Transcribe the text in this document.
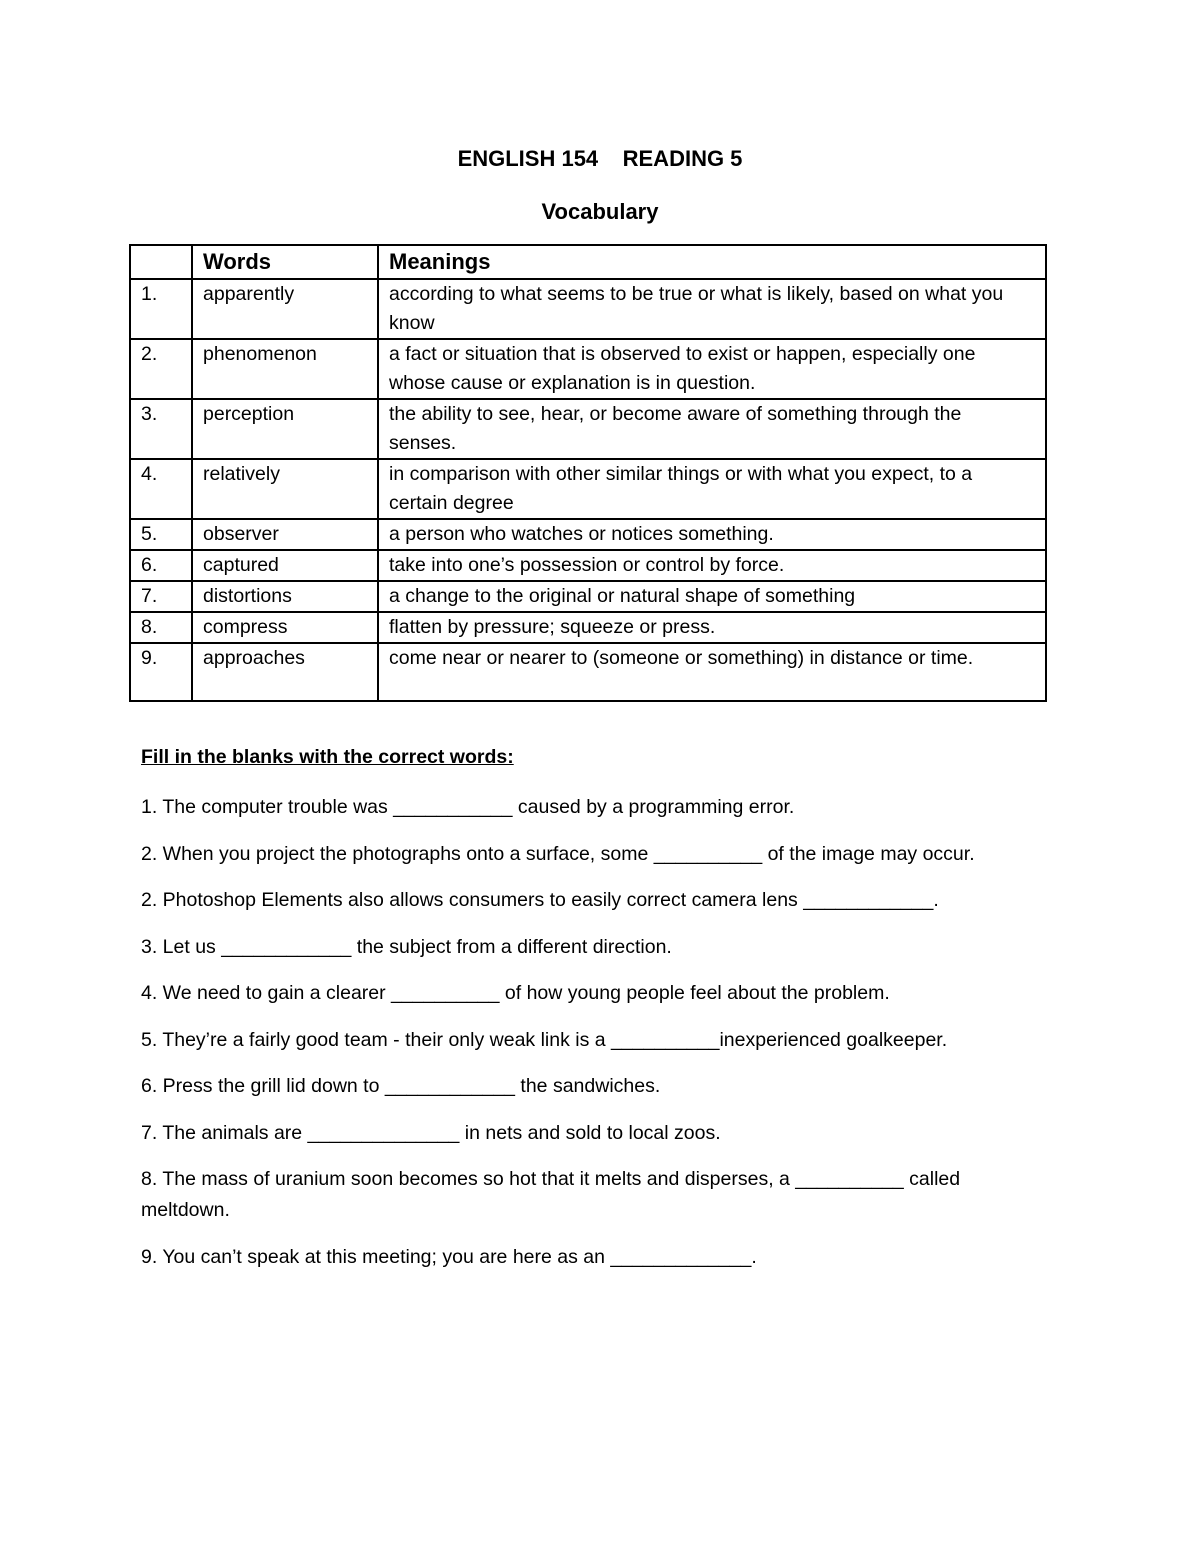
ENGLISH 154    READING 5
Vocabulary
	Words	Meanings
1.	apparently	according to what seems to be true or what is likely, based on what you know
2.	phenomenon	a fact or situation that is observed to exist or happen, especially one whose cause or explanation is in question.
3.	perception	the ability to see, hear, or become aware of something through the senses.
4.	relatively	in comparison with other similar things or with what you expect, to a certain degree
5.	observer	a person who watches or notices something.
6.	captured	take into one’s possession or control by force.
7.	distortions	a change to the original or natural shape of something
8.	compress	flatten by pressure; squeeze or press.
9.	approaches	come near or nearer to (someone or something) in distance or time.
Fill in the blanks with the correct words:

1. The computer trouble was ___________ caused by a programming error.

2. When you project the photographs onto a surface, some __________ of the image may occur.

2. Photoshop Elements also allows consumers to easily correct camera lens ____________.

3. Let us ____________ the subject from a different direction.

4. We need to gain a clearer __________ of how young people feel about the problem.

5. They’re a fairly good team - their only weak link is a __________inexperienced goalkeeper.

6. Press the grill lid down to ____________ the sandwiches.

7. The animals are ______________ in nets and sold to local zoos.

8. The mass of uranium soon becomes so hot that it melts and disperses, a __________ called meltdown.

9. You can’t speak at this meeting; you are here as an _____________.
